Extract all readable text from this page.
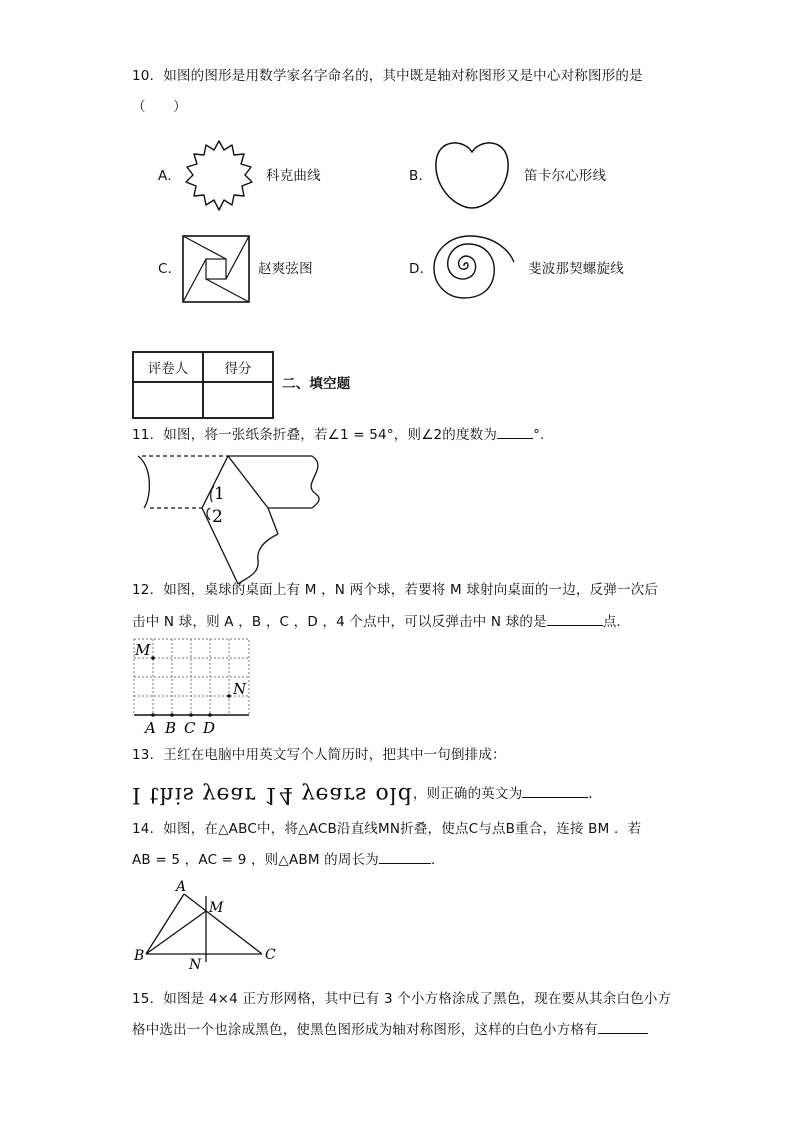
10．如图的图形是用数学家名字命名的，其中既是轴对称图形又是中心对称图形的是
（　　）
A．	科克曲线	B．	笛卡尔心形线
C．	赵爽弦图	D．	斐波那契螺旋线
评卷人	得分

二、填空题
11．如图，将一张纸条折叠，若∠1 = 54°，则∠2的度数为	°.
1
2
12．如图，桌球的桌面上有 M ，N 两个球，若要将 M 球射向桌面的一边，反弹一次后
击中 N 球，则 A ，B ，C ，D ，4 个点中，可以反弹击中 N 球的是	点．
M
N
A B C D
13．王红在电脑中用英文写个人简历时，把其中一句倒排成：
I this year 14 years old，则正确的英文为	．
14．如图，在△ABC中，将△ACB沿直线MN折叠，使点C与点B重合，连接 BM ．若
AB = 5 ，AC = 9 ，则△ABM 的周长为	．
A
M
B
N
C
15．如图是 4×4 正方形网格，其中已有 3 个小方格涂成了黑色，现在要从其余白色小方
格中选出一个也涂成黑色，使黑色图形成为轴对称图形，这样的白色小方格有
